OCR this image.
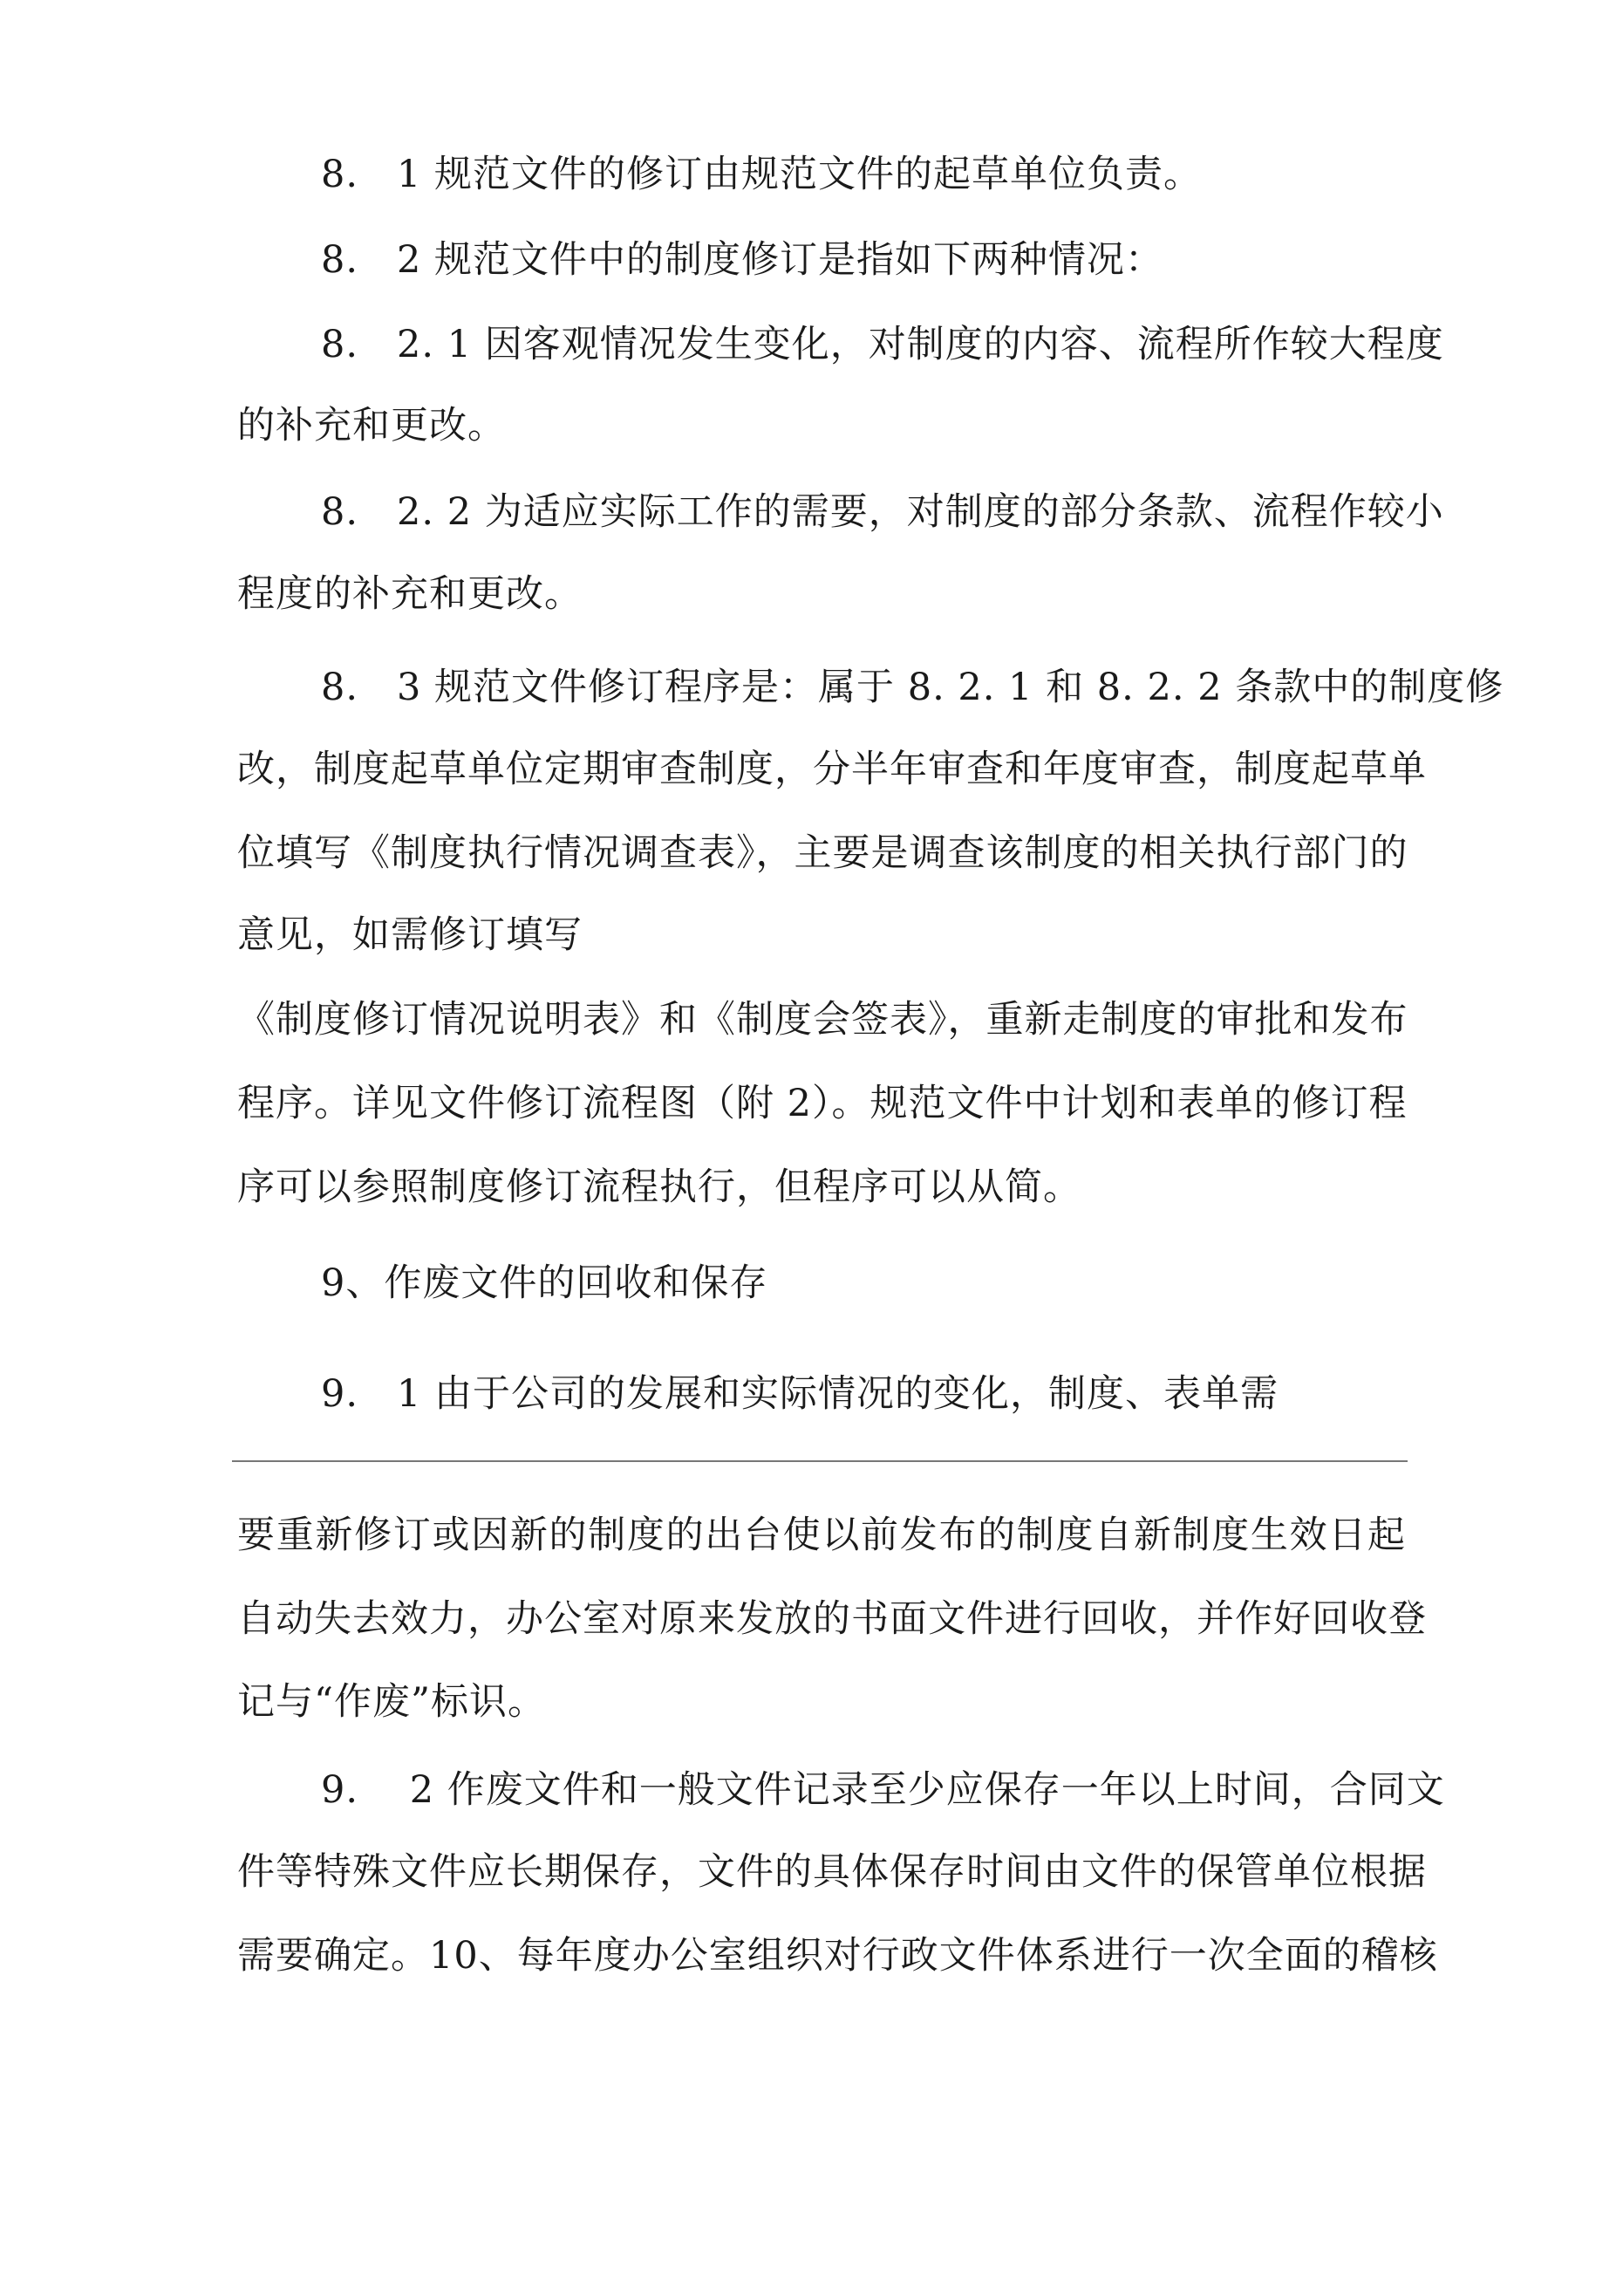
8.　1 规范文件的修订由规范文件的起草单位负责。
8.　2 规范文件中的制度修订是指如下两种情况：
8.　2. 1 因客观情况发生变化，对制度的内容、流程所作较大程度
的补充和更改。
8.　2. 2 为适应实际工作的需要，对制度的部分条款、流程作较小
程度的补充和更改。
8.　3 规范文件修订程序是：属于 8. 2. 1 和 8. 2. 2 条款中的制度修
改，制度起草单位定期审查制度，分半年审查和年度审查，制度起草单
位填写《制度执行情况调查表》，主要是调查该制度的相关执行部门的
意见，如需修订填写
《制度修订情况说明表》和《制度会签表》，重新走制度的审批和发布
程序。详见文件修订流程图（附 2）。规范文件中计划和表单的修订程
序可以参照制度修订流程执行，但程序可以从简。
9、作废文件的回收和保存
9.　1 由于公司的发展和实际情况的变化，制度、表单需
要重新修订或因新的制度的出台使以前发布的制度自新制度生效日起
自动失去效力，办公室对原来发放的书面文件进行回收，并作好回收登
记与“作废”标识。
9.　 2 作废文件和一般文件记录至少应保存一年以上时间，合同文
件等特殊文件应长期保存，文件的具体保存时间由文件的保管单位根据
需要确定。10、每年度办公室组织对行政文件体系进行一次全面的稽核
